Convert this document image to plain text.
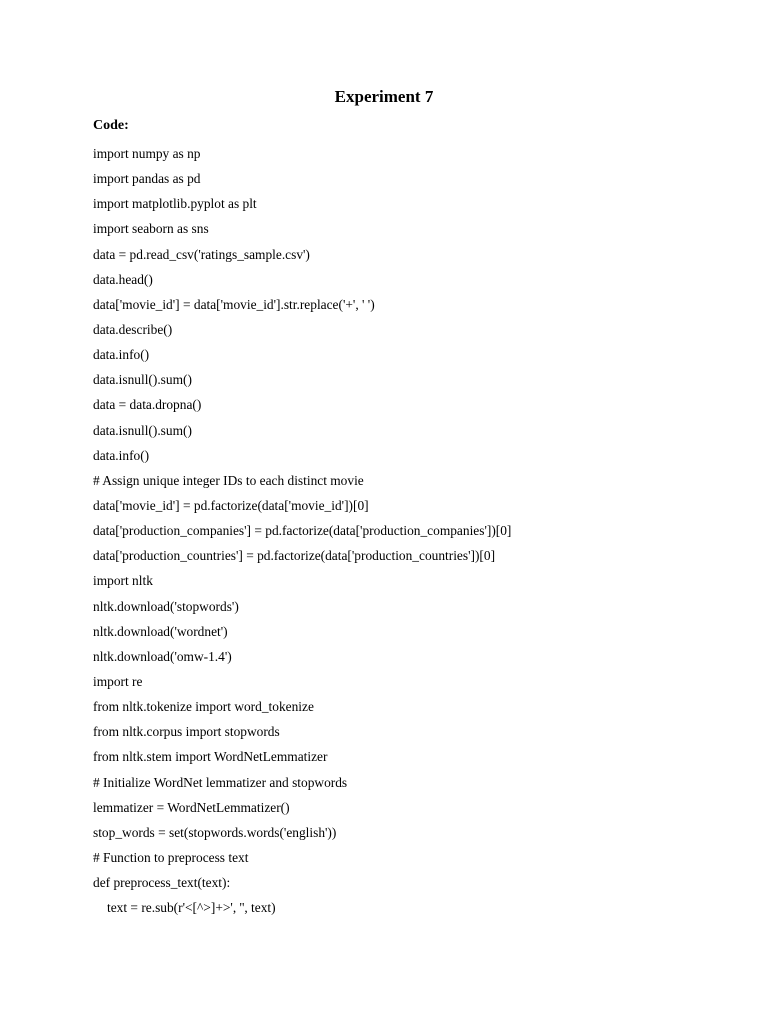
Experiment 7
Code:
import numpy as np
import pandas as pd
import matplotlib.pyplot as plt
import seaborn as sns
data = pd.read_csv('ratings_sample.csv')
data.head()
data['movie_id'] = data['movie_id'].str.replace('+', ' ')
data.describe()
data.info()
data.isnull().sum()
data = data.dropna()
data.isnull().sum()
data.info()
# Assign unique integer IDs to each distinct movie
data['movie_id'] = pd.factorize(data['movie_id'])[0]
data['production_companies'] = pd.factorize(data['production_companies'])[0]
data['production_countries'] = pd.factorize(data['production_countries'])[0]
import nltk
nltk.download('stopwords')
nltk.download('wordnet')
nltk.download('omw-1.4')
import re
from nltk.tokenize import word_tokenize
from nltk.corpus import stopwords
from nltk.stem import WordNetLemmatizer
# Initialize WordNet lemmatizer and stopwords
lemmatizer = WordNetLemmatizer()
stop_words = set(stopwords.words('english'))
# Function to preprocess text
def preprocess_text(text):
text = re.sub(r'<[^>]+>', '', text)
